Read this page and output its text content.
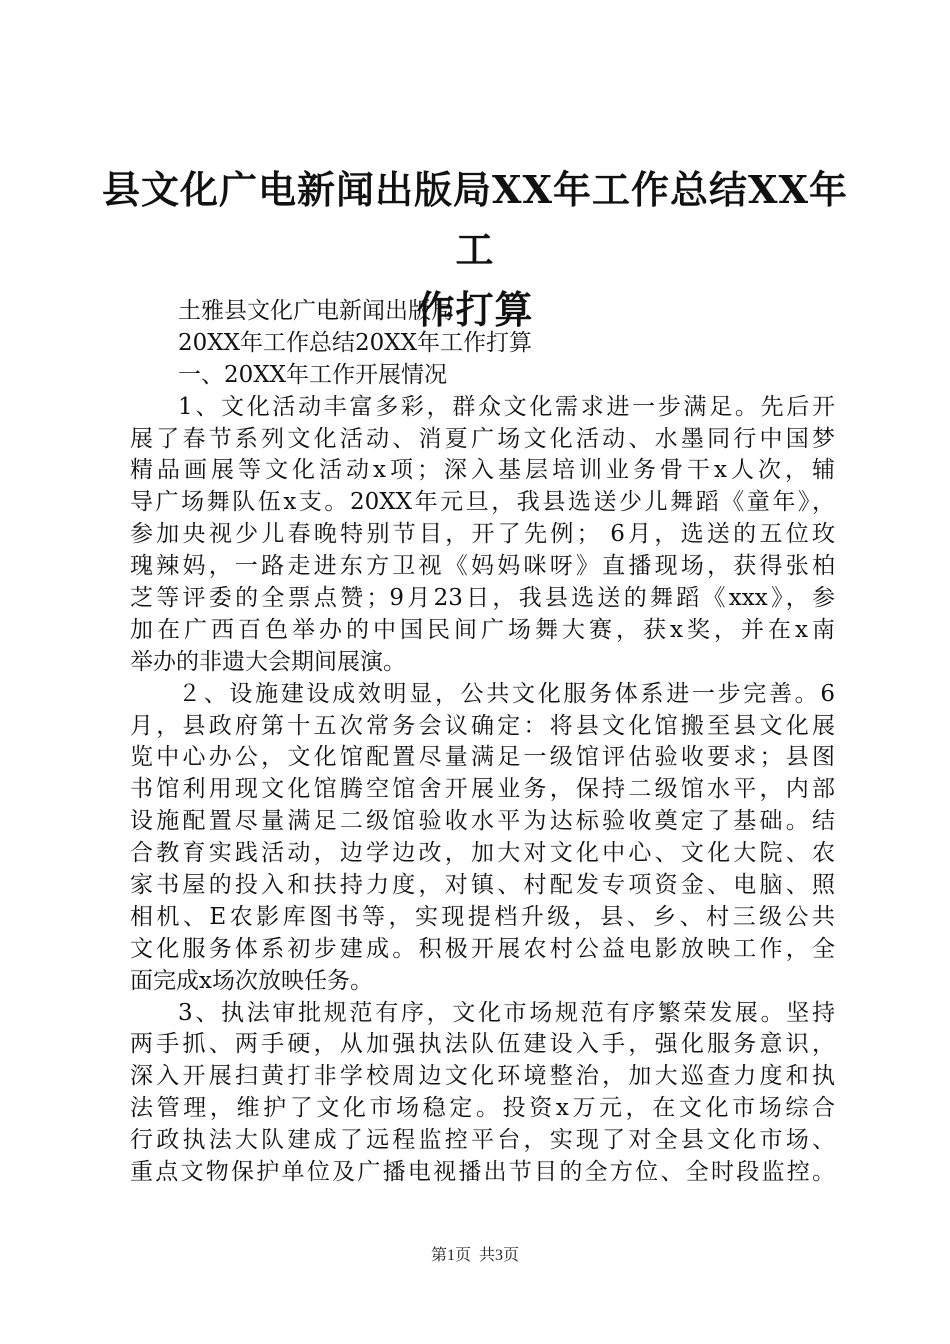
县文化广电新闻出版局XX年工作总结XX年工
作打算
土雅县文化广电新闻出版局
20XX年工作总结20XX年工作打算
一、20XX年工作开展情况
1、文化活动丰富多彩，群众文化需求进一步满足。先后开
展了春节系列文化活动、消夏广场文化活动、水墨同行中国梦
精品画展等文化活动x项；深入基层培训业务骨干x人次，辅
导广场舞队伍x支。20XX年元旦，我县选送少儿舞蹈《童年》，
参加央视少儿春晚特别节目，开了先例； 6月，选送的五位玫
瑰辣妈，一路走进东方卫视《妈妈咪呀》直播现场，获得张柏
芝等评委的全票点赞；9月23日，我县选送的舞蹈《xxx》，参
加在广西百色举办的中国民间广场舞大赛，获x奖，并在x南
举办的非遗大会期间展演。
２、设施建设成效明显，公共文化服务体系进一步完善。6
月，县政府第十五次常务会议确定：将县文化馆搬至县文化展
览中心办公，文化馆配置尽量满足一级馆评估验收要求；县图
书馆利用现文化馆腾空馆舍开展业务，保持二级馆水平，内部
设施配置尽量满足二级馆验收水平为达标验收奠定了基础。结
合教育实践活动，边学边改，加大对文化中心、文化大院、农
家书屋的投入和扶持力度，对镇、村配发专项资金、电脑、照
相机、E农影库图书等，实现提档升级，县、乡、村三级公共
文化服务体系初步建成。积极开展农村公益电影放映工作，全
面完成x场次放映任务。
3、执法审批规范有序，文化市场规范有序繁荣发展。坚持
两手抓、两手硬，从加强执法队伍建设入手，强化服务意识，
深入开展扫黄打非学校周边文化环境整治，加大巡查力度和执
法管理，维护了文化市场稳定。投资x万元，在文化市场综合
行政执法大队建成了远程监控平台，实现了对全县文化市场、
重点文物保护单位及广播电视播出节目的全方位、全时段监控。
第1页 共3页
